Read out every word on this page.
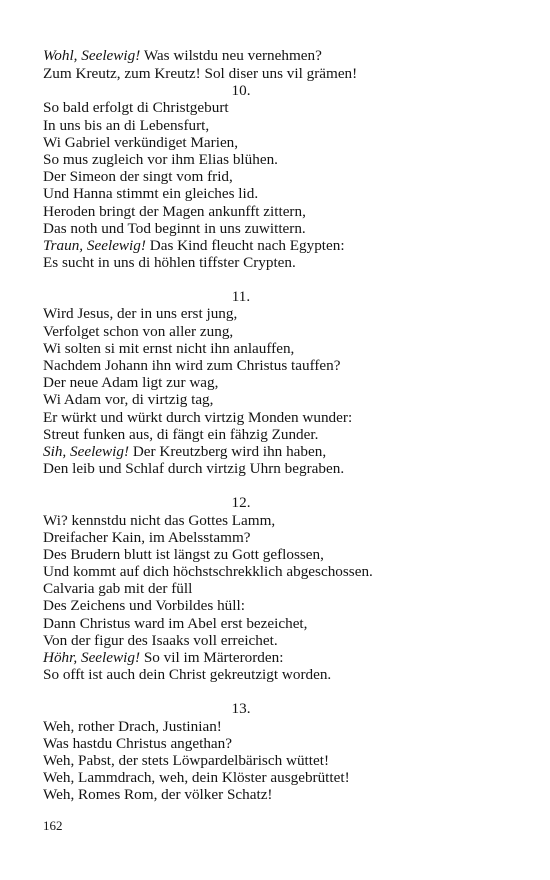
Wohl, Seelewig! Was wilstdu neu vernehmen?
Zum Kreutz, zum Kreutz! Sol diser uns vil grämen!
10.
So bald erfolgt di Christgeburt
In uns bis an di Lebensfurt,
Wi Gabriel verkündiget Marien,
So mus zugleich vor ihm Elias blühen.
Der Simeon der singt vom frid,
Und Hanna stimmt ein gleiches lid.
Heroden bringt der Magen ankunfft zittern,
Das noth und Tod beginnt in uns zuwittern.
Traun, Seelewig! Das Kind fleucht nach Egypten:
Es sucht in uns di höhlen tiffster Crypten.
11.
Wird Jesus, der in uns erst jung,
Verfolget schon von aller zung,
Wi solten si mit ernst nicht ihn anlauffen,
Nachdem Johann ihn wird zum Christus tauffen?
Der neue Adam ligt zur wag,
Wi Adam vor, di virtzig tag,
Er würkt und würkt durch virtzig Monden wunder:
Streut funken aus, di fängt ein fähzig Zunder.
Sih, Seelewig! Der Kreutzberg wird ihn haben,
Den leib und Schlaf durch virtzig Uhrn begraben.
12.
Wi? kennstdu nicht das Gottes Lamm,
Dreifacher Kain, im Abelsstamm?
Des Brudern blutt ist längst zu Gott geflossen,
Und kommt auf dich höchstschrekklich abgeschossen.
Calvaria gab mit der füll
Des Zeichens und Vorbildes hüll:
Dann Christus ward im Abel erst bezeichet,
Von der figur des Isaaks voll erreichet.
Höhr, Seelewig! So vil im Märterorden:
So offt ist auch dein Christ gekreutzigt worden.
13.
Weh, rother Drach, Justinian!
Was hastdu Christus angethan?
Weh, Pabst, der stets Löwpardelbärisch wüttet!
Weh, Lammdrach, weh, dein Klöster ausgebrüttet!
Weh, Romes Rom, der völker Schatz!
162
